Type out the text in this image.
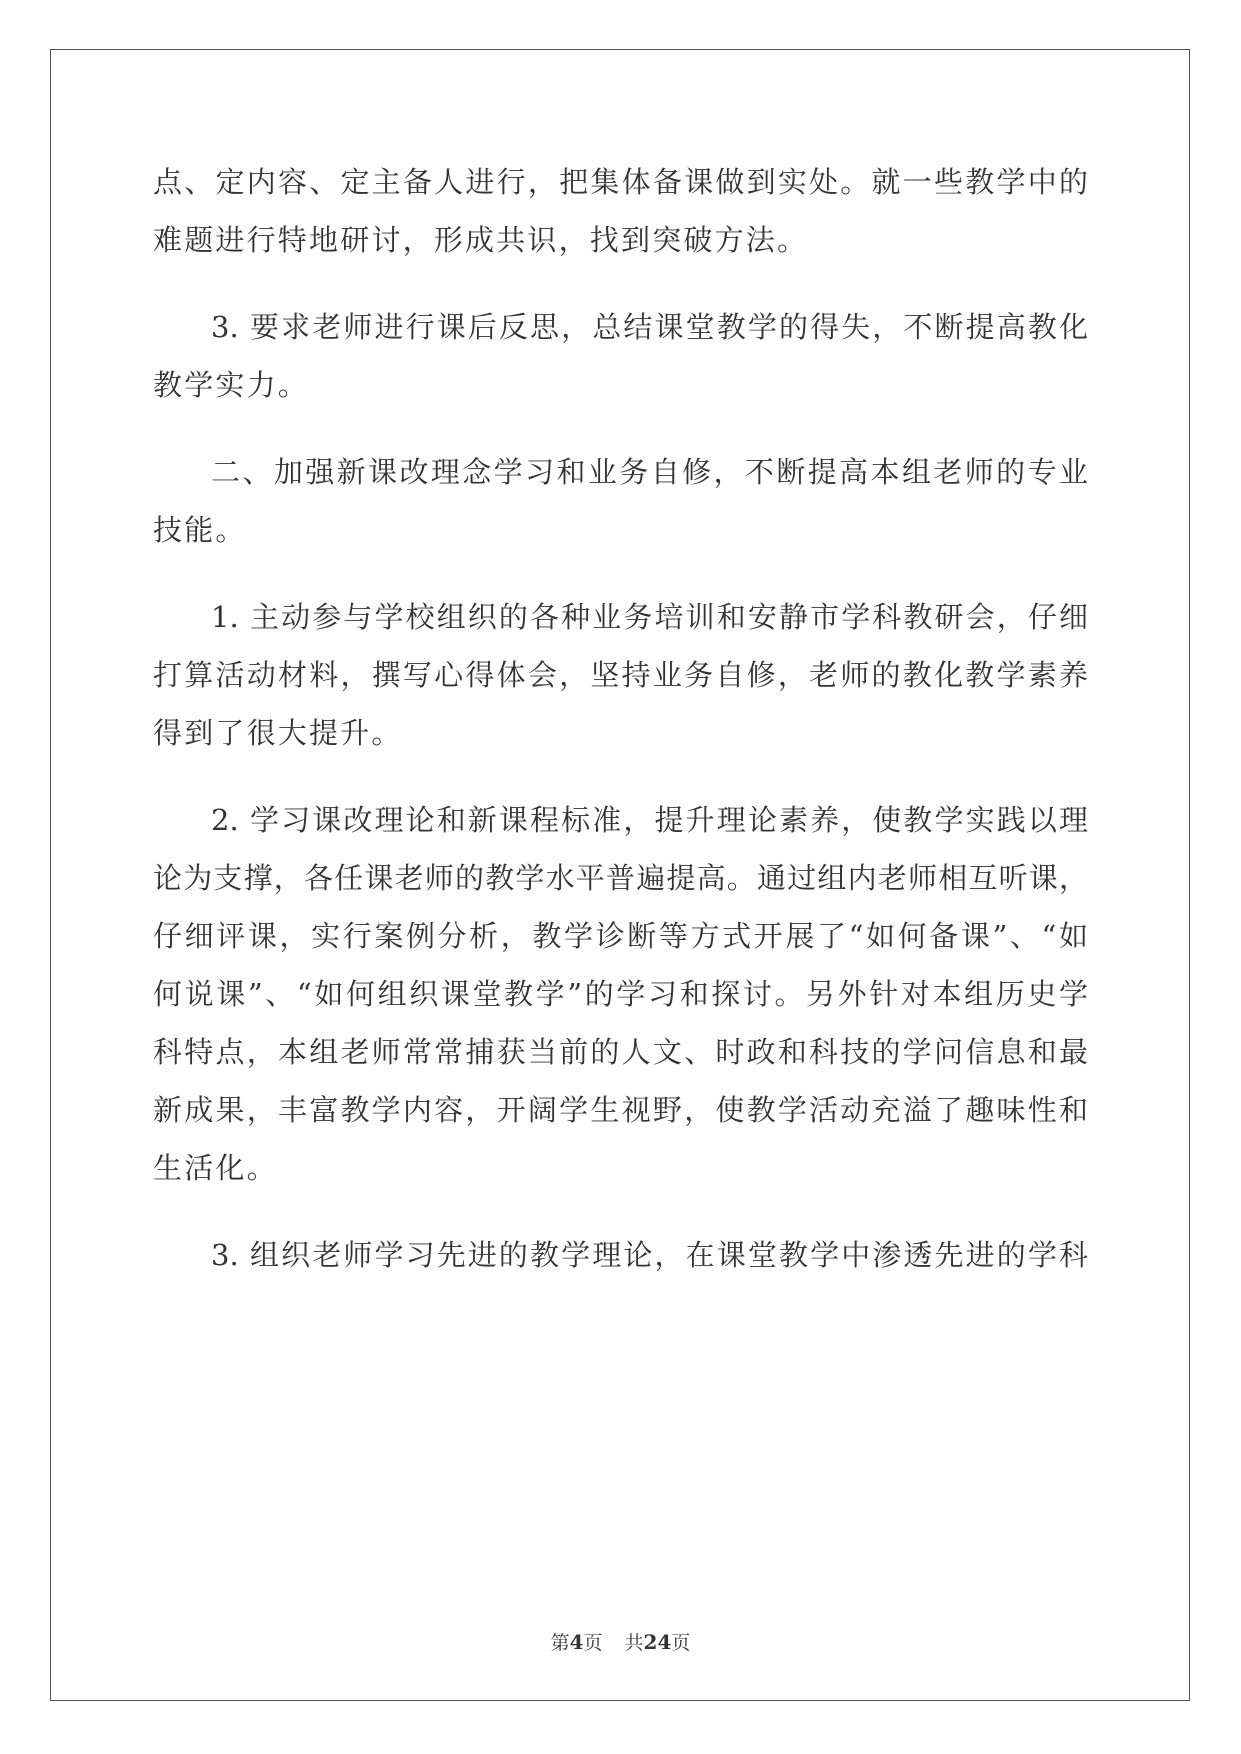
点、定内容、定主备人进行，把集体备课做到实处。就一些教学中的
难题进行特地研讨，形成共识，找到突破方法。
3. 要求老师进行课后反思，总结课堂教学的得失，不断提高教化
教学实力。
二、加强新课改理念学习和业务自修，不断提高本组老师的专业
技能。
1. 主动参与学校组织的各种业务培训和安静市学科教研会，仔细
打算活动材料，撰写心得体会，坚持业务自修，老师的教化教学素养
得到了很大提升。
2. 学习课改理论和新课程标准，提升理论素养，使教学实践以理
论为支撑，各任课老师的教学水平普遍提高。通过组内老师相互听课，
仔细评课，实行案例分析，教学诊断等方式开展了“如何备课”、“如
何说课”、“如何组织课堂教学”的学习和探讨。另外针对本组历史学
科特点，本组老师常常捕获当前的人文、时政和科技的学问信息和最
新成果，丰富教学内容，开阔学生视野，使教学活动充溢了趣味性和
生活化。
3. 组织老师学习先进的教学理论，在课堂教学中渗透先进的学科
第4页 共24页
